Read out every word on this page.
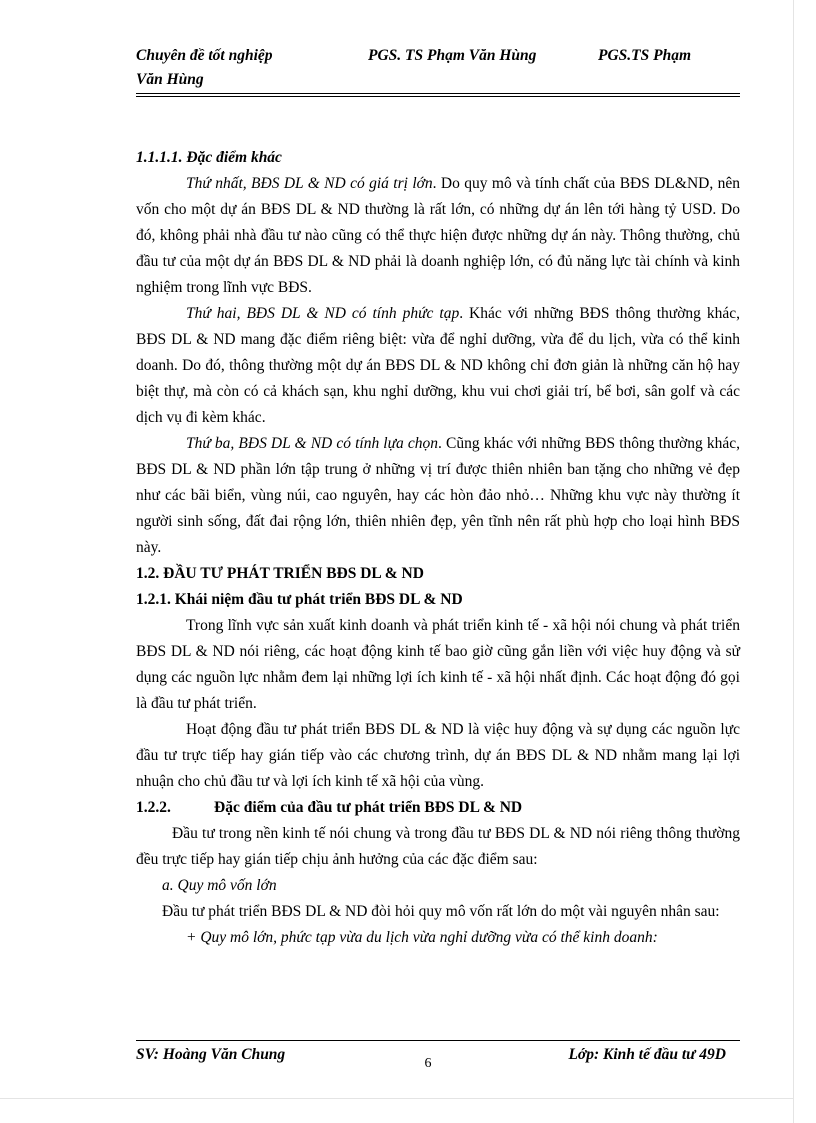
Chuyên đề tốt nghiệp	PGS. TS Phạm Văn Hùng	PGS.TS Phạm
Văn Hùng

1.1.1.1. Đặc điểm khác

Thứ nhất, BĐS DL & ND có giá trị lớn. Do quy mô và tính chất của BĐS DL&ND, nên vốn cho một dự án BĐS DL & ND thường là rất lớn, có những dự án lên tới hàng tỷ USD. Do đó, không phải nhà đầu tư nào cũng có thể thực hiện được những dự án này. Thông thường, chủ đầu tư của một dự án BĐS DL & ND phải là doanh nghiệp lớn, có đủ năng lực tài chính và kinh nghiệm trong lĩnh vực BĐS.

Thứ hai, BĐS DL & ND có tính phức tạp. Khác với những BĐS thông thường khác, BĐS DL & ND mang đặc điểm riêng biệt: vừa để nghỉ dưỡng, vừa để du lịch, vừa có thể kinh doanh. Do đó, thông thường một dự án BĐS DL & ND không chỉ đơn giản là những căn hộ hay biệt thự, mà còn có cả khách sạn, khu nghỉ dưỡng, khu vui chơi giải trí, bể bơi, sân golf và các dịch vụ đi kèm khác.

Thứ ba, BĐS DL & ND có tính lựa chọn. Cũng khác với những BĐS thông thường khác, BĐS DL & ND phần lớn tập trung ở những vị trí được thiên nhiên ban tặng cho những vẻ đẹp như các bãi biển, vùng núi, cao nguyên, hay các hòn đảo nhỏ… Những khu vực này thường ít người sinh sống, đất đai rộng lớn, thiên nhiên đẹp, yên tĩnh nên rất phù hợp cho loại hình BĐS này.

1.2. ĐẦU TƯ PHÁT TRIỂN BĐS DL & ND

1.2.1. Khái niệm đầu tư phát triển BĐS DL & ND

Trong lĩnh vực sản xuất kinh doanh và phát triển kinh tế - xã hội nói chung và phát triển BĐS DL & ND nói riêng, các hoạt động kinh tế bao giờ cũng gắn liền với việc huy động và sử dụng các nguồn lực nhằm đem lại những lợi ích kinh tế - xã hội nhất định. Các hoạt động đó gọi là đầu tư phát triển.

Hoạt động đầu tư phát triển BĐS DL & ND là việc huy động và sự dụng các nguồn lực đầu tư trực tiếp hay gián tiếp vào các chương trình, dự án BĐS DL & ND nhằm mang lại lợi nhuận cho chủ đầu tư và lợi ích kinh tế xã hội của vùng.

1.2.2.	Đặc điểm của đầu tư phát triển BĐS DL & ND

Đầu tư trong nền kinh tế nói chung và trong đầu tư BĐS DL & ND nói riêng thông thường đều trực tiếp hay gián tiếp chịu ảnh hưởng của các đặc điểm sau:

a. Quy mô vốn lớn

Đầu tư phát triển BĐS DL & ND đòi hỏi quy mô vốn rất lớn do một vài nguyên nhân sau:

+ Quy mô lớn, phức tạp vừa du lịch vừa nghỉ dưỡng vừa có thể kinh doanh:

SV: Hoàng Văn Chung	Lớp: Kinh tế đầu tư 49D
6
